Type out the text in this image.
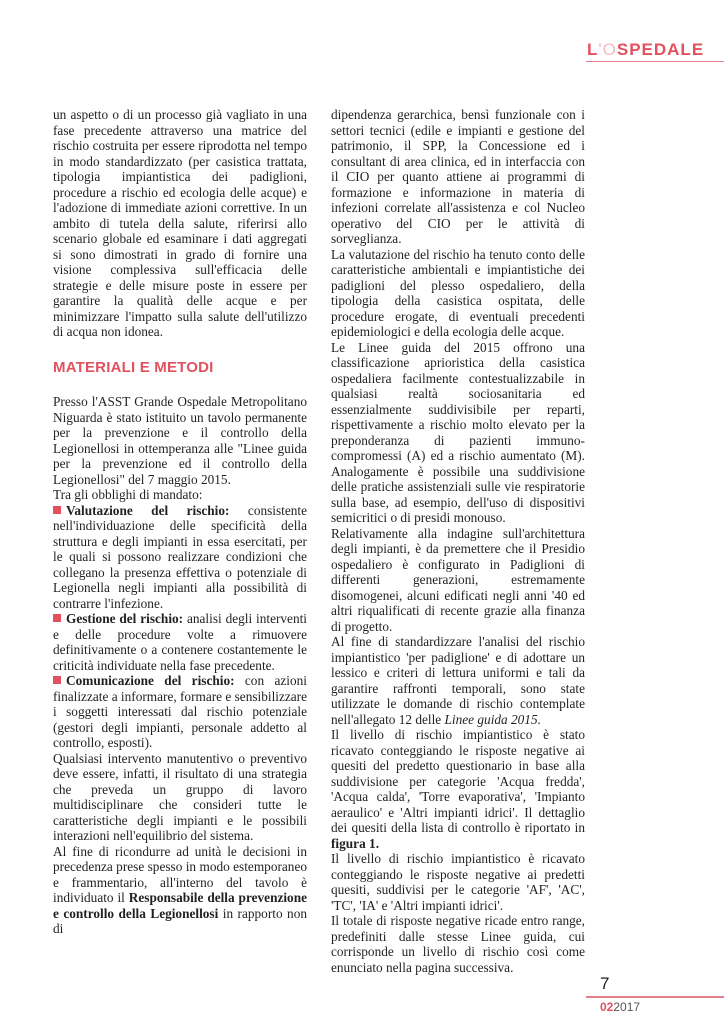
L'OSPEDALE

un aspetto o di un processo già vagliato in una fase precedente attraverso una matrice del rischio costruita per essere riprodotta nel tempo in modo standardizzato (per casistica trattata, tipologia impiantistica dei padiglioni, procedure a rischio ed ecologia delle acque) e l'adozione di immediate azioni correttive. In un ambito di tutela della salute, riferirsi allo scenario globale ed esaminare i dati aggregati si sono dimostrati in grado di fornire una visione complessiva sull'efficacia delle strategie e delle misure poste in essere per garantire la qualità delle acque e per minimizzare l'impatto sulla salute dell'utilizzo di acqua non idonea.

MATERIALI E METODI

Presso l'ASST Grande Ospedale Metropolitano Niguarda è stato istituito un tavolo permanente per la prevenzione e il controllo della Legionellosi in ottemperanza alle "Linee guida per la prevenzione ed il controllo della Legionellosi" del 7 maggio 2015.

Tra gli obblighi di mandato:

Valutazione del rischio: consistente nell'individuazione delle specificità della struttura e degli impianti in essa esercitati, per le quali si possono realizzare condizioni che collegano la presenza effettiva o potenziale di Legionella negli impianti alla possibilità di contrarre l'infezione.

Gestione del rischio: analisi degli interventi e delle procedure volte a rimuovere definitivamente o a contenere costantemente le criticità individuate nella fase precedente.

Comunicazione del rischio: con azioni finalizzate a informare, formare e sensibilizzare i soggetti interessati dal rischio potenziale (gestori degli impianti, personale addetto al controllo, esposti).

Qualsiasi intervento manutentivo o preventivo deve essere, infatti, il risultato di una strategia che preveda un gruppo di lavoro multidisciplinare che consideri tutte le caratteristiche degli impianti e le possibili interazioni nell'equilibrio del sistema.

Al fine di ricondurre ad unità le decisioni in precedenza prese spesso in modo estemporaneo e frammentario, all'interno del tavolo è individuato il Responsabile della prevenzione e controllo della Legionellosi in rapporto non di

dipendenza gerarchica, bensì funzionale con i settori tecnici (edile e impianti e gestione del patrimonio, il SPP, la Concessione ed i consultant di area clinica, ed in interfaccia con il CIO per quanto attiene ai programmi di formazione e informazione in materia di infezioni correlate all'assistenza e col Nucleo operativo del CIO per le attività di sorveglianza.

La valutazione del rischio ha tenuto conto delle caratteristiche ambientali e impiantistiche dei padiglioni del plesso ospedaliero, della tipologia della casistica ospitata, delle procedure erogate, di eventuali precedenti epidemiologici e della ecologia delle acque.

Le Linee guida del 2015 offrono una classificazione aprioristica della casistica ospedaliera facilmente contestualizzabile in qualsiasi realtà sociosanitaria ed essenzialmente suddivisibile per reparti, rispettivamente a rischio molto elevato per la preponderanza di pazienti immuno-compromessi (A) ed a rischio aumentato (M). Analogamente è possibile una suddivisione delle pratiche assistenziali sulle vie respiratorie sulla base, ad esempio, dell'uso di dispositivi semicritici o di presidi monouso.

Relativamente alla indagine sull'architettura degli impianti, è da premettere che il Presidio ospedaliero è configurato in Padiglioni di differenti generazioni, estremamente disomogenei, alcuni edificati negli anni '40 ed altri riqualificati di recente grazie alla finanza di progetto.

Al fine di standardizzare l'analisi del rischio impiantistico 'per padiglione' e di adottare un lessico e criteri di lettura uniformi e tali da garantire raffronti temporali, sono state utilizzate le domande di rischio contemplate nell'allegato 12 delle Linee guida 2015.

Il livello di rischio impiantistico è stato ricavato conteggiando le risposte negative ai quesiti del predetto questionario in base alla suddivisione per categorie 'Acqua fredda', 'Acqua calda', 'Torre evaporativa', 'Impianto aeraulico' e 'Altri impianti idrici'. Il dettaglio dei quesiti della lista di controllo è riportato in figura 1.

Il livello di rischio impiantistico è ricavato conteggiando le risposte negative ai predetti quesiti, suddivisi per le categorie 'AF', 'AC', 'TC', 'IA' e 'Altri impianti idrici'.

Il totale di risposte negative ricade entro range, predefiniti dalle stesse Linee guida, cui corrisponde un livello di rischio così come enunciato nella pagina successiva.

7
022017
